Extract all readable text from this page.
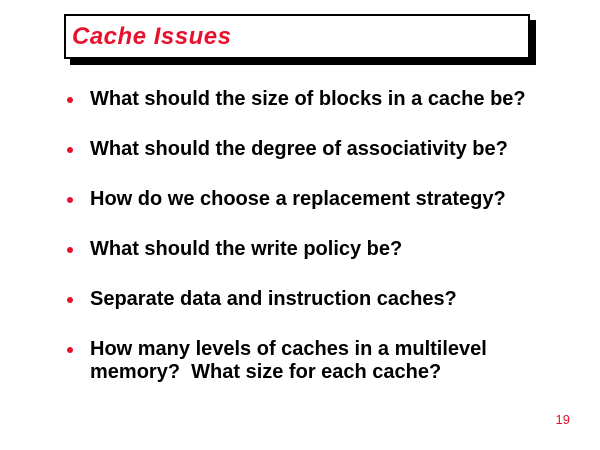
Cache Issues
What should the size of blocks in a cache be?
What should the degree of associativity be?
How do we choose a replacement strategy?
What should the write policy be?
Separate data and instruction caches?
How many levels of caches in a multilevel
memory?  What size for each cache?
19
